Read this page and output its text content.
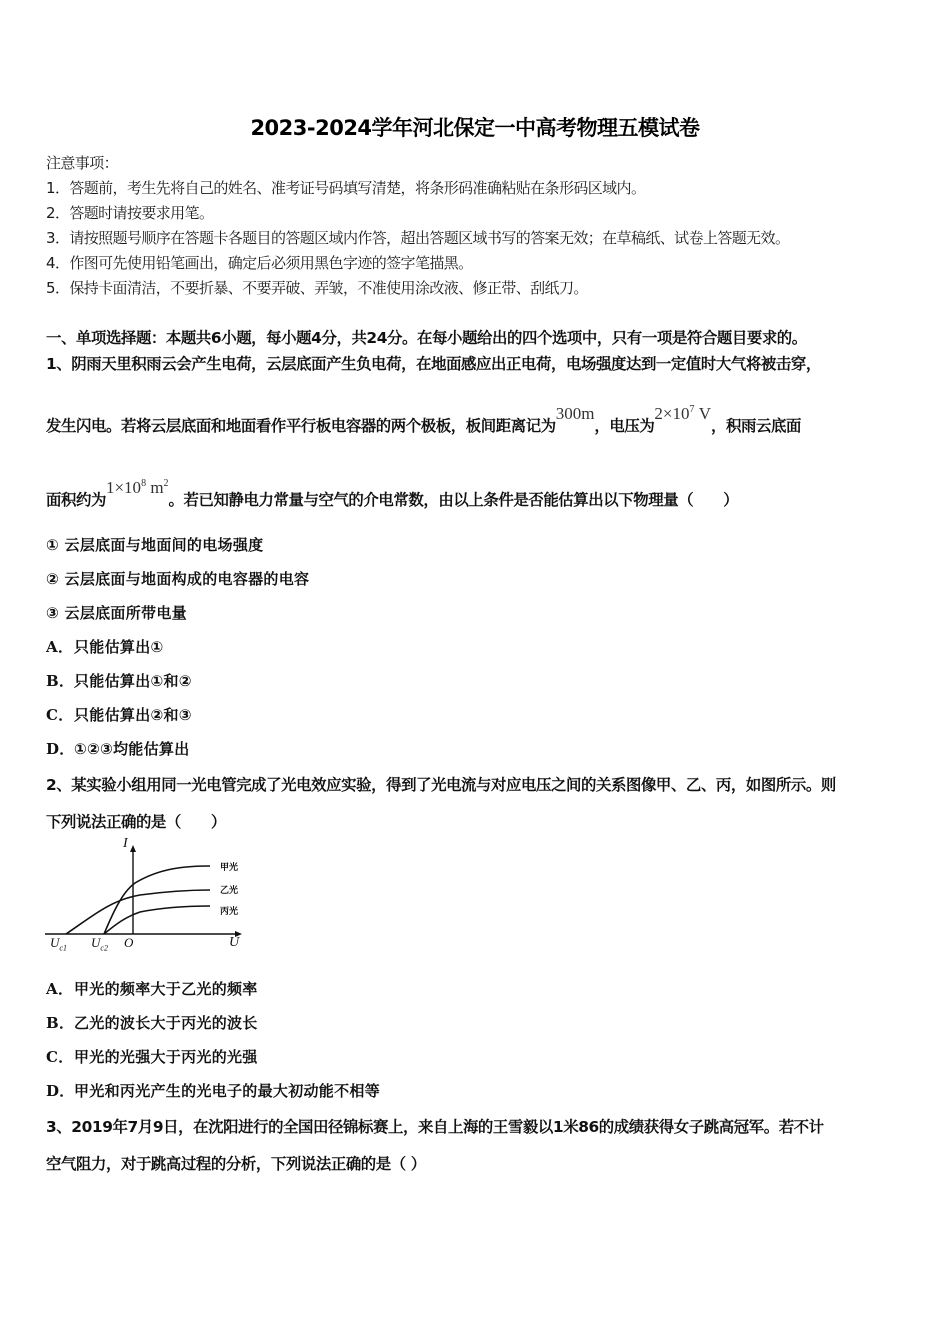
2023-2024学年河北保定一中高考物理五模试卷
注意事项：
1．答题前，考生先将自己的姓名、准考证号码填写清楚，将条形码准确粘贴在条形码区域内。
2．答题时请按要求用笔。
3．请按照题号顺序在答题卡各题目的答题区域内作答，超出答题区域书写的答案无效；在草稿纸、试卷上答题无效。
4．作图可先使用铅笔画出，确定后必须用黑色字迹的签字笔描黑。
5．保持卡面清洁，不要折暴、不要弄破、弄皱，不准使用涂改液、修正带、刮纸刀。
一、单项选择题：本题共6小题，每小题4分，共24分。在每小题给出的四个选项中，只有一项是符合题目要求的。
1、阴雨天里积雨云会产生电荷，云层底面产生负电荷，在地面感应出正电荷，电场强度达到一定值时大气将被击穿，
发生闪电。若将云层底面和地面看作平行板电容器的两个极板，板间距离记为300m，电压为$2\times 10^7$ V，积雨云底面
面积约为$1\times 10^8$ $m^2$。若已知静电力常量与空气的介电常数，由以上条件是否能估算出以下物理量（　　）
① 云层底面与地面间的电场强度
② 云层底面与地面构成的电容器的电容
③ 云层底面所带电量
A．只能估算出①
B．只能估算出①和②
C．只能估算出②和③
D．①②③均能估算出
2、某实验小组用同一光电管完成了光电效应实验，得到了光电流与对应电压之间的关系图像甲、乙、丙，如图所示。则
下列说法正确的是（　　）
I
U
O
$U_{c1}$ $U_{c2}$
甲光
乙光
丙光
A．甲光的频率大于乙光的频率
B．乙光的波长大于丙光的波长
C．甲光的光强大于丙光的光强
D．甲光和丙光产生的光电子的最大初动能不相等
3、2019年7月9日，在沈阳进行的全国田径锦标赛上，来自上海的王雪毅以1米86的成绩获得女子跳高冠军。若不计
空气阻力，对于跳高过程的分析，下列说法正确的是（ ）
